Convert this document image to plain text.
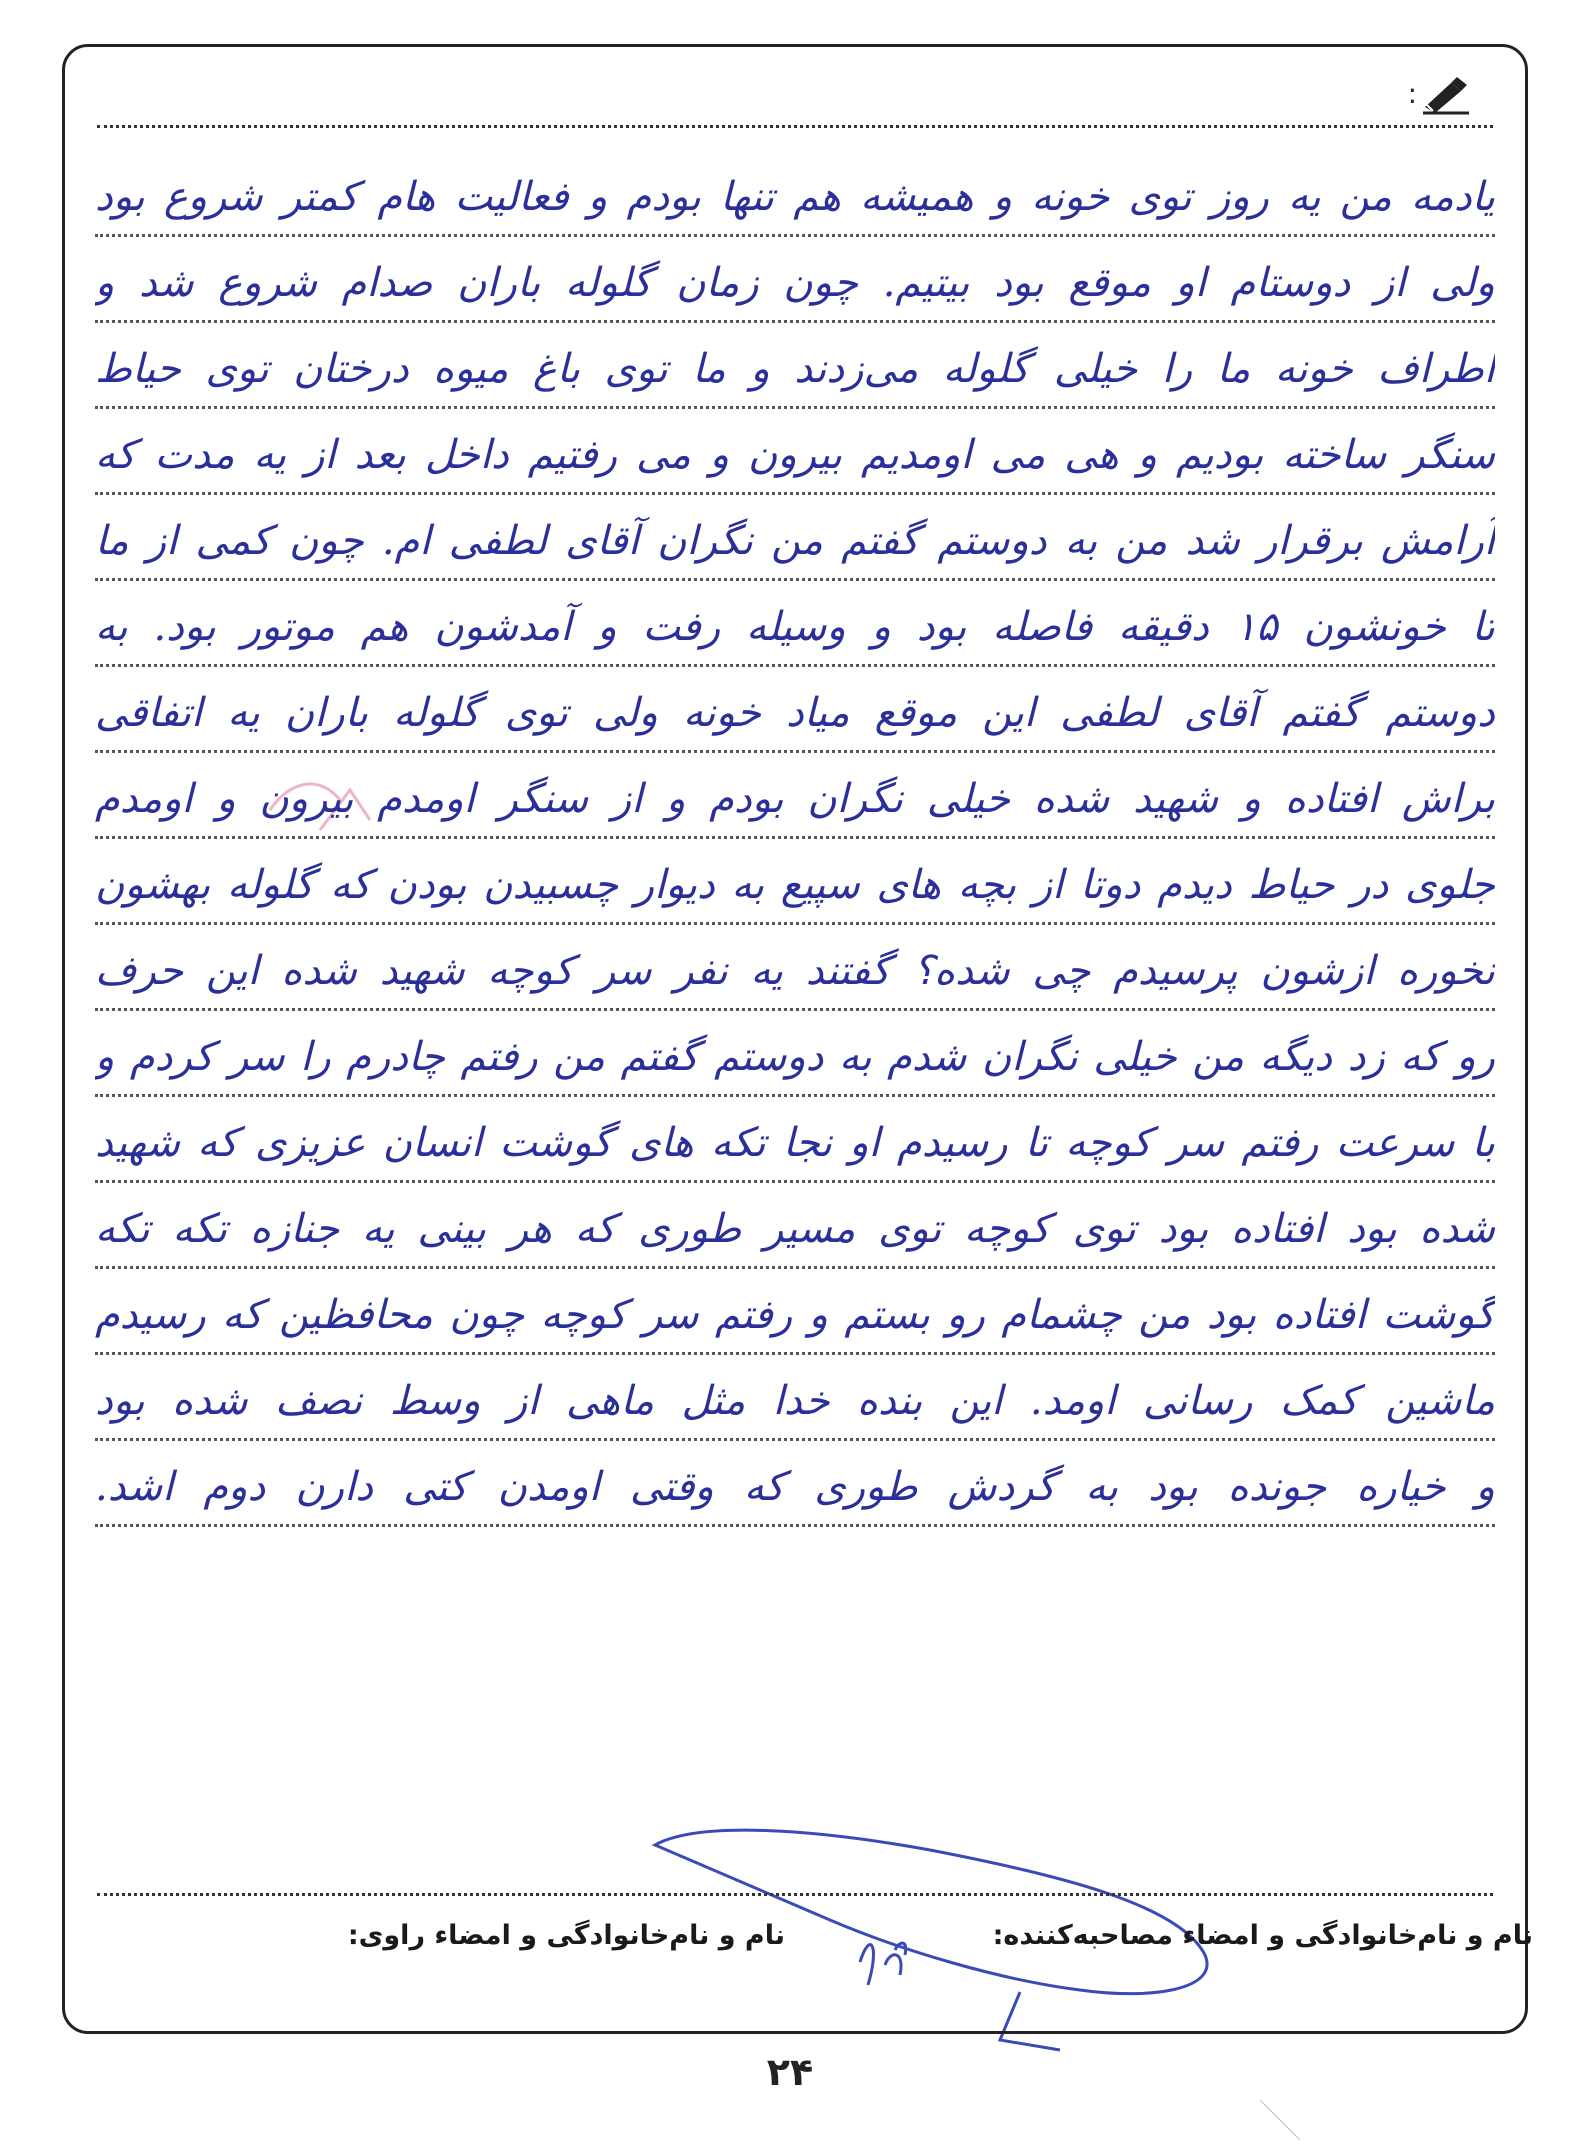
:
یادمه من یه روز توی خونه و همیشه هم تنها بودم و فعالیت هام کمتر شروع بود
ولی از دوستام او موقع بود بیتیم. چون زمان گلوله باران صدام شروع شد و
اطراف خونه ما را خیلی گلوله می‌زدند و ما توی باغ میوه درختان توی حیاط
سنگر ساخته بودیم و هی می اومدیم بیرون و می رفتیم داخل بعد از یه مدت که
آرامش برقرار شد من به دوستم گفتم من نگران آقای لطفی ام. چون کمی از ما
تا خونشون ۱۵ دقیقه فاصله بود و وسیله رفت و آمدشون هم موتور بود. به
دوستم گفتم آقای لطفی این موقع میاد خونه ولی توی گلوله باران یه اتفاقی
براش افتاده و شهید شده خیلی نگران بودم و از سنگر اومدم بیرون و اومدم
جلوی در حیاط دیدم دوتا از بچه های سپیع به دیوار چسبیدن بودن که گلوله بهشون
نخوره ازشون پرسیدم چی شده؟ گفتند یه نفر سر کوچه شهید شده این حرف
رو که زد دیگه من خیلی نگران شدم به دوستم گفتم من رفتم چادرم را سر کردم و
با سرعت رفتم سر کوچه تا رسیدم او نجا تکه های گوشت انسان عزیزی که شهید
شده بود افتاده بود توی کوچه توی مسیر طوری که هر بینی یه جنازه تکه تکه
گوشت افتاده بود من چشمام رو بستم و رفتم سر کوچه چون محافظین که رسیدم
ماشین کمک رسانی اومد. این بنده خدا مثل ماهی از وسط نصف شده بود
و خیاره جونده بود به گردش طوری که وقتی اومدن کتی دارن دوم اشد.
نام و نام‌خانوادگی و امضاء مصاحبه‌کننده:
نام و نام‌خانوادگی و امضاء راوی:
۲۴
